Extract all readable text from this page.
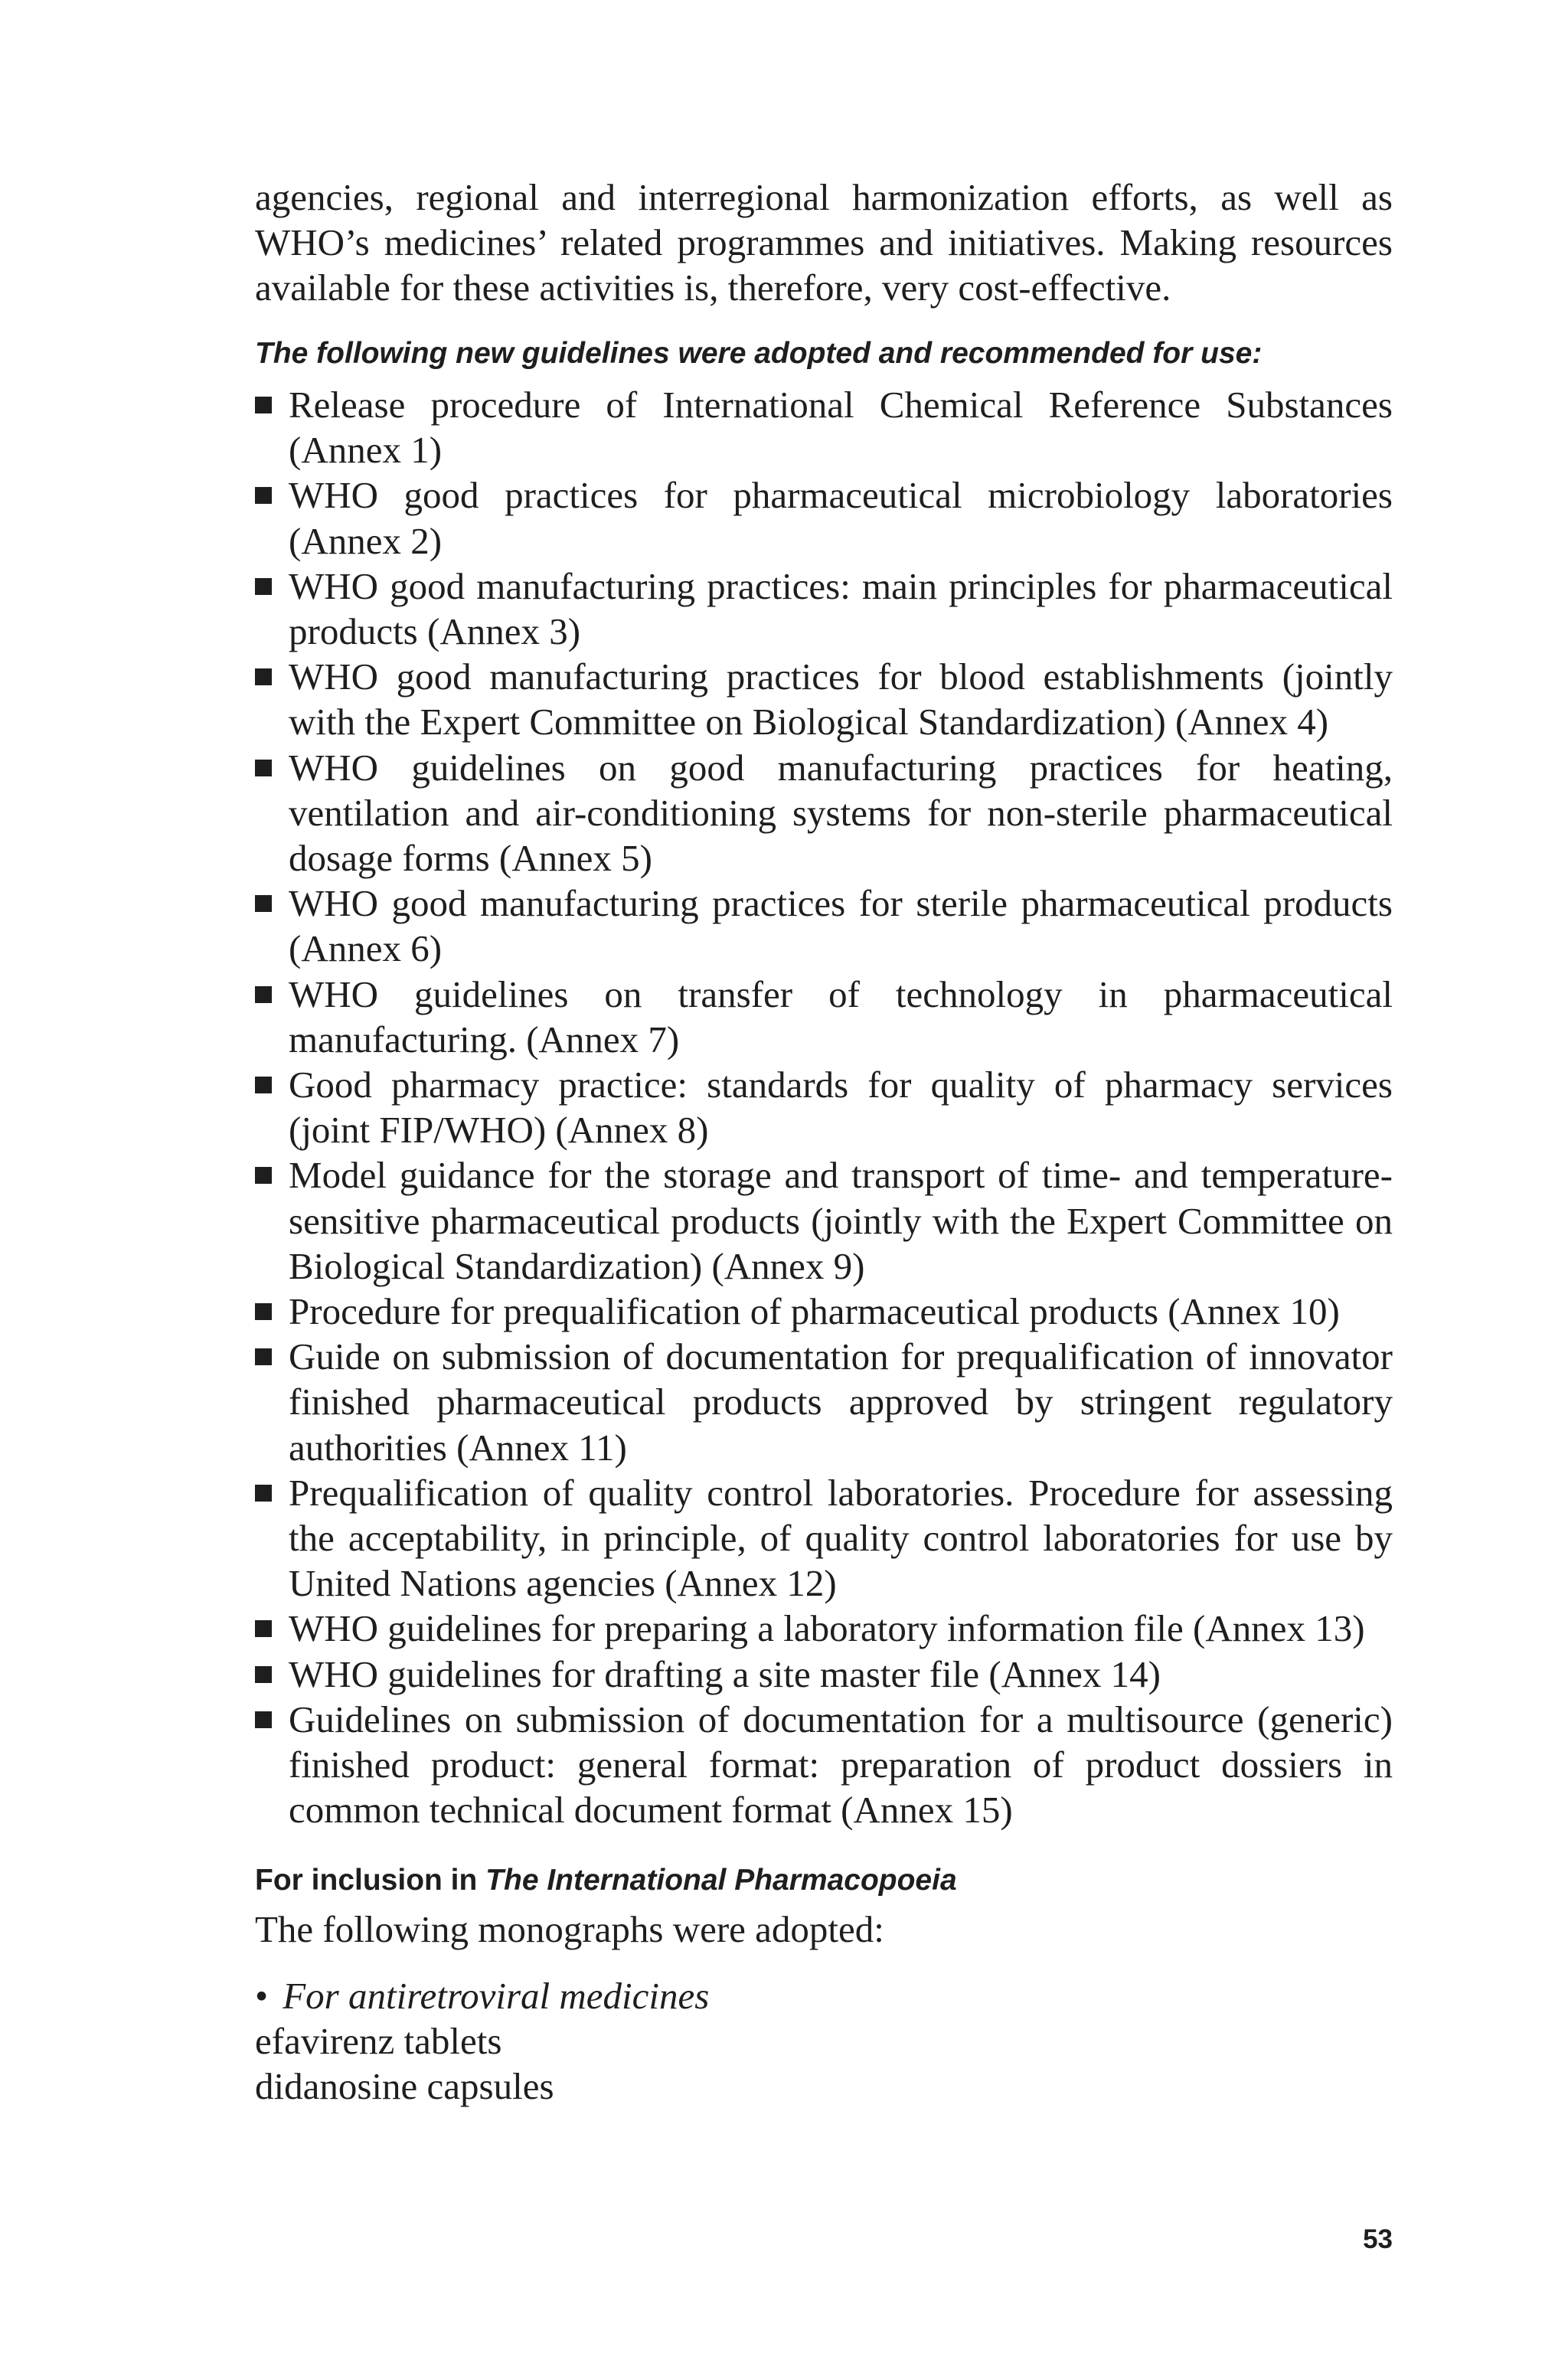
agencies, regional and interregional harmonization efforts, as well as WHO’s medicines’ related programmes and initiatives. Making resources available for these activities is, therefore, very cost-effective.

The following new guidelines were adopted and recommended for use:
Release procedure of International Chemical Reference Substances (Annex 1)
WHO good practices for pharmaceutical microbiology laboratories (Annex 2)
WHO good manufacturing practices: main principles for pharmaceutical products (Annex 3)
WHO good manufacturing practices for blood establishments (jointly with the Expert Committee on Biological Standardization) (Annex 4)
WHO guidelines on good manufacturing practices for heating, ventilation and air-conditioning systems for non-sterile pharmaceutical dosage forms (Annex 5)
WHO good manufacturing practices for sterile pharmaceutical products (Annex 6)
WHO guidelines on transfer of technology in pharmaceutical manufacturing. (Annex 7)
Good pharmacy practice: standards for quality of pharmacy services (joint FIP/WHO) (Annex 8)
Model guidance for the storage and transport of time- and temperature-sensitive pharmaceutical products (jointly with the Expert Committee on Biological Standardization) (Annex 9)
Procedure for prequalification of pharmaceutical products (Annex 10)
Guide on submission of documentation for prequalification of innovator finished pharmaceutical products approved by stringent regulatory authorities (Annex 11)
Prequalification of quality control laboratories. Procedure for assessing the acceptability, in principle, of quality control laboratories for use by United Nations agencies (Annex 12)
WHO guidelines for preparing a laboratory information file (Annex 13)
WHO guidelines for drafting a site master file (Annex 14)
Guidelines on submission of documentation for a multisource (generic) finished product: general format: preparation of product dossiers in common technical document format (Annex 15)
For inclusion in The International Pharmacopoeia

The following monographs were adopted:

• For antiretroviral medicines
efavirenz tablets
didanosine capsules
53
